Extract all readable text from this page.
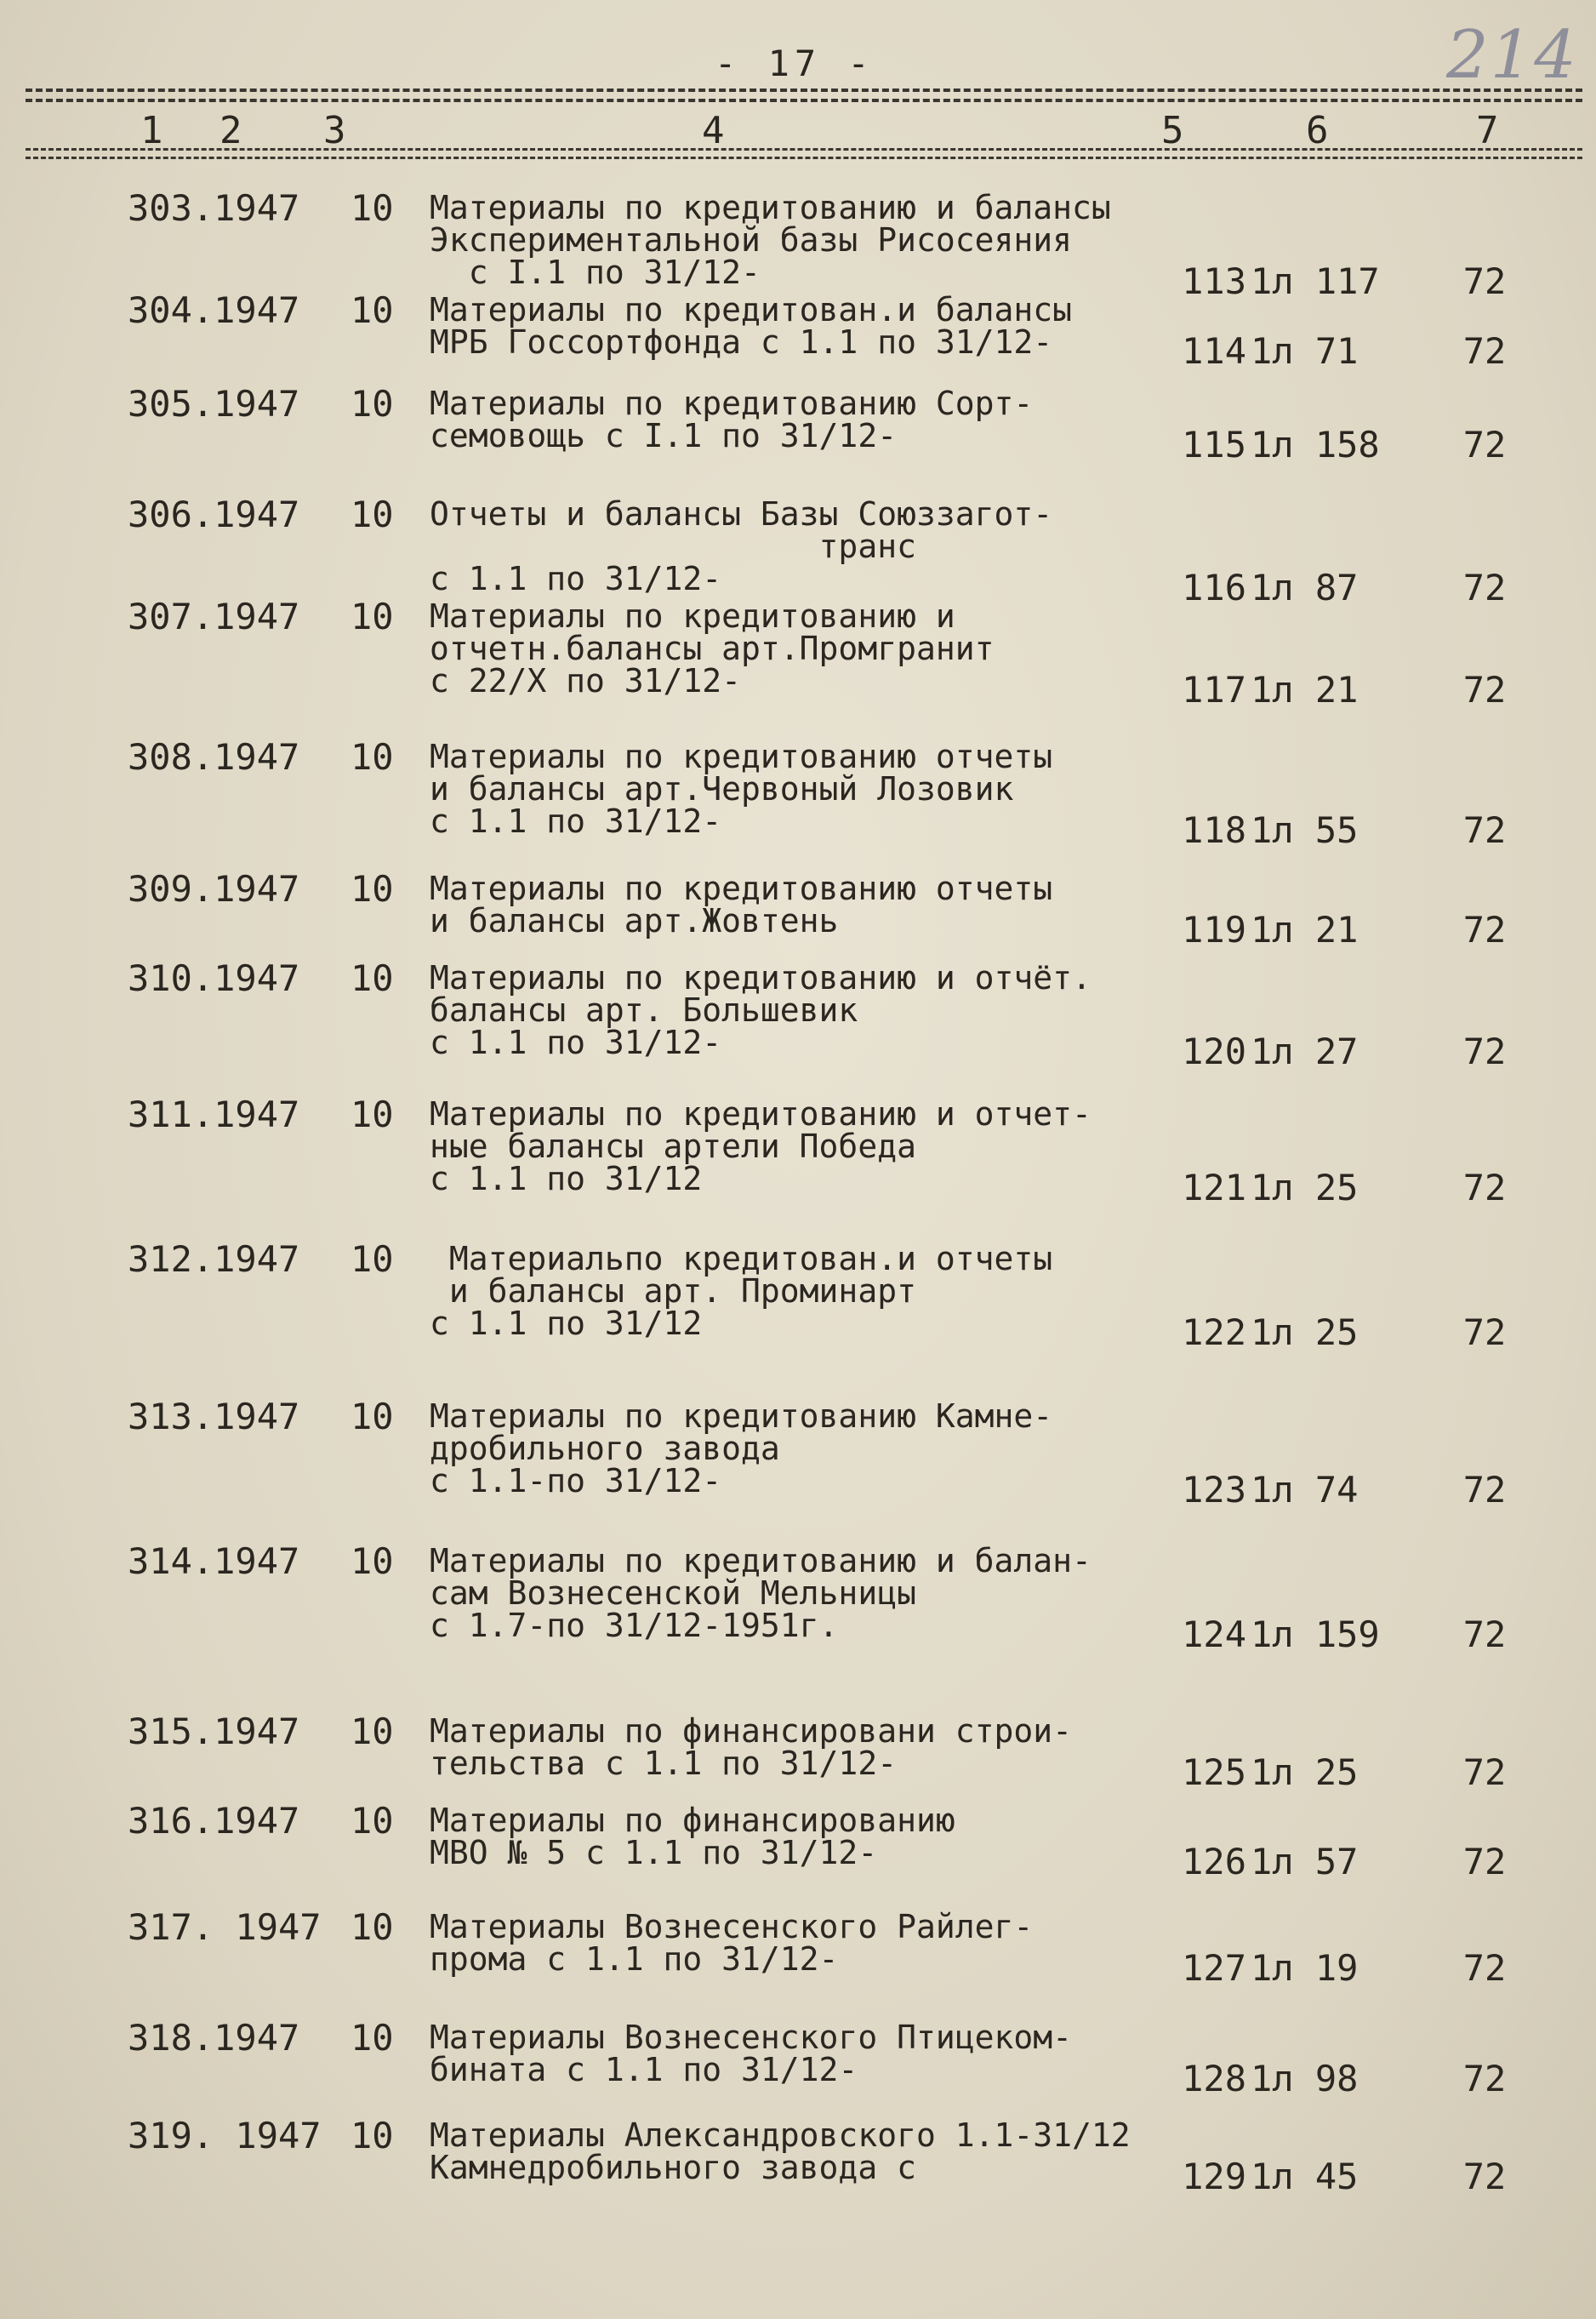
214
- 17 -
1 2 3	4	5	6	7
303.1947 10 Материалы по кредитованию и балансы
Экспериментальной базы Рисосеяния
с I.1 по 31/12-	113 1л 117	72
304.1947 10 Материалы по кредитован.и балансы
МРБ Госсортфонда с 1.1 по 31/12-	114 1л 71	72
305.1947 10 Материалы по кредитованию Сорт-
семовощь с I.1 по 31/12-	115 1л 158	72
306.1947 10 Отчеты и балансы Базы Союззагот-
транс
с 1.1 по 31/12-	116 1л 87	72
307.1947 10 Материалы по кредитованию и
отчетн.балансы арт.Промгранит
с 22/X по 31/12-	117 1л 21	72
308.1947 10 Материалы по кредитованию отчеты
и балансы арт.Червоный Лозовик
с 1.1 по 31/12-	118 1л 55	72
309.1947 10 Материалы по кредитованию отчеты
и балансы арт.Жовтень	119 1л 21	72
310.1947 10 Материалы по кредитованию и отчёт.
балансы арт. Большевик
с 1.1 по 31/12-	120 1л 27	72
311.1947 10 Материалы по кредитованию и отчет-
ные балансы артели Победа
с 1.1 по 31/12	121 1л 25	72
312.1947 10	Материальпо кредитован.и отчеты
и балансы арт. Проминарт
с 1.1 по 31/12	122 1л 25	72
313.1947 10 Материалы по кредитованию Камне-
дробильного завода
с 1.1-по 31/12-	123 1л 74	72
314.1947 10 Материалы по кредитованию и балан-
сам Вознесенской Мельницы
с 1.7-по 31/12-1951г.	124 1л 159	72
315.1947 10 Материалы по финансировани строи-
тельства с 1.1 по 31/12-	125 1л 25	72
316.1947 10 Материалы по финансированию
МВО № 5 с 1.1 по 31/12-	126 1л 57	72
317. 1947 10 Материалы Вознесенского Райлег-
прома с 1.1 по 31/12-	127 1л 19	72
318.1947 10 Материалы Вознесенского Птицеком-
бината с 1.1 по 31/12-	128 1л 98	72
319. 1947 10 Материалы Александровского 1.1-31/12
Камнедробильного завода с	129 1л 45	72
